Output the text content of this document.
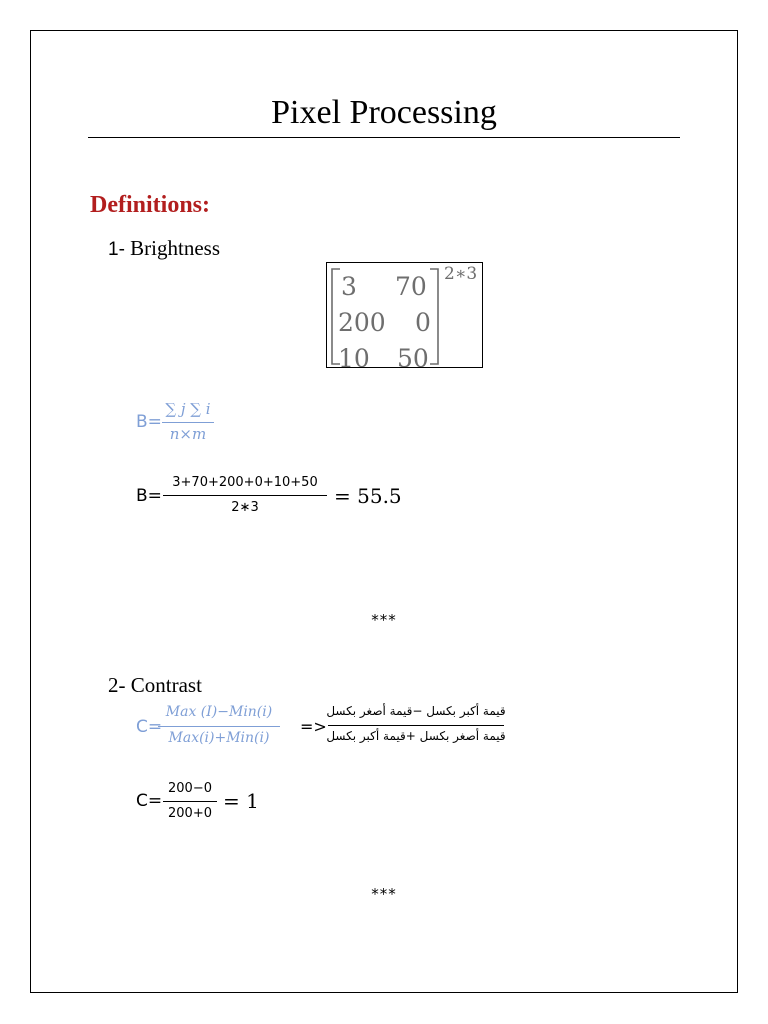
Pixel Processing
Definitions:
1- Brightness
3 70
200 0
10 50
2∗3
B=
∑ j ∑ i
n×m
B=
3+70+200+0+10+50
2∗3	= 55.5
***
2- Contrast
C=
Max (I)−Min(i)
Max(i)+Min(i)
=>
قيمة أكبر بكسل −قيمة أصغر بكسل
قيمة أصغر بكسل +قيمة أكبر بكسل
C=
200−0
200+0
= 1
***
